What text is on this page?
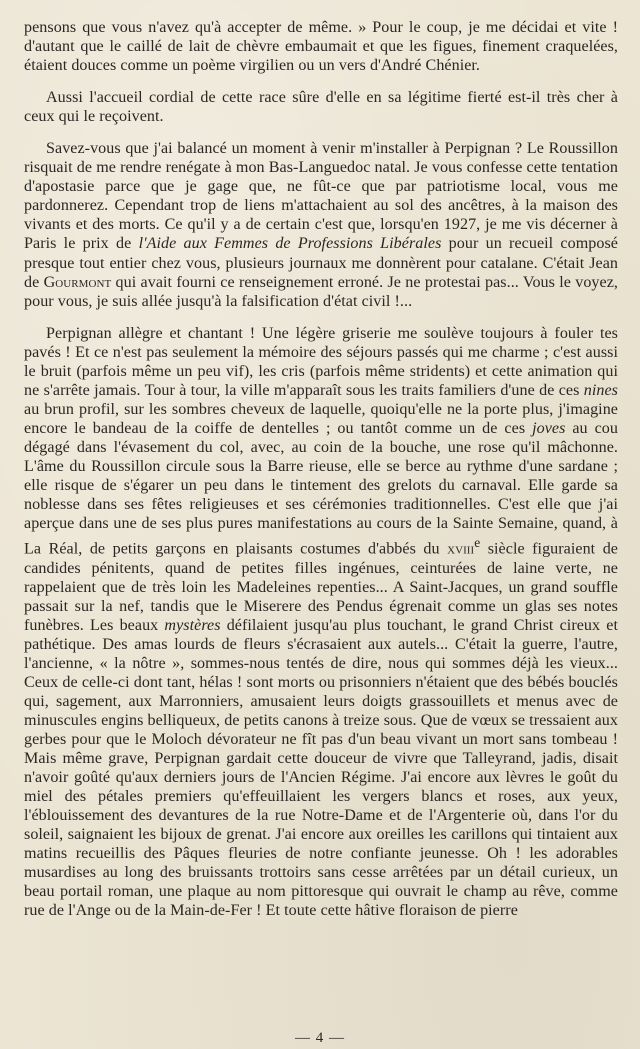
pensons que vous n'avez qu'à accepter de même. » Pour le coup, je me décidai et vite ! d'autant que le caillé de lait de chèvre embaumait et que les figues, finement craquelées, étaient douces comme un poème virgilien ou un vers d'André Chénier.

Aussi l'accueil cordial de cette race sûre d'elle en sa légitime fierté est-il très cher à ceux qui le reçoivent.

Savez-vous que j'ai balancé un moment à venir m'installer à Perpignan ? Le Roussillon risquait de me rendre renégate à mon Bas-Languedoc natal. Je vous confesse cette tentation d'apostasie parce que je gage que, ne fût-ce que par patriotisme local, vous me pardonnerez. Cependant trop de liens m'attachaient au sol des ancêtres, à la maison des vivants et des morts. Ce qu'il y a de certain c'est que, lorsqu'en 1927, je me vis décerner à Paris le prix de l'Aide aux Femmes de Professions Libérales pour un recueil composé presque tout entier chez vous, plusieurs journaux me donnèrent pour catalane. C'était Jean de Gourmont qui avait fourni ce renseignement erroné. Je ne protestai pas... Vous le voyez, pour vous, je suis allée jusqu'à la falsification d'état civil !...

Perpignan allègre et chantant ! Une légère griserie me soulève toujours à fouler tes pavés ! Et ce n'est pas seulement la mémoire des séjours passés qui me charme ; c'est aussi le bruit (parfois même un peu vif), les cris (parfois même stridents) et cette animation qui ne s'arrête jamais. Tour à tour, la ville m'apparaît sous les traits familiers d'une de ces nines au brun profil, sur les sombres cheveux de laquelle, quoiqu'elle ne la porte plus, j'imagine encore le bandeau de la coiffe de dentelles ; ou tantôt comme un de ces joves au cou dégagé dans l'évasement du col, avec, au coin de la bouche, une rose qu'il mâchonne. L'âme du Roussillon circule sous la Barre rieuse, elle se berce au rythme d'une sardane ; elle risque de s'égarer un peu dans le tintement des grelots du carnaval. Elle garde sa noblesse dans ses fêtes religieuses et ses cérémonies traditionnelles. C'est elle que j'ai aperçue dans une de ses plus pures manifestations au cours de la Sainte Semaine, quand, à La Réal, de petits garçons en plaisants costumes d'abbés du xviii$^e$ siècle figuraient de candides pénitents, quand de petites filles ingénues, ceinturées de laine verte, ne rappelaient que de très loin les Madeleines repenties... A Saint-Jacques, un grand souffle passait sur la nef, tandis que le Miserere des Pendus égrenait comme un glas ses notes funèbres. Les beaux mystères défilaient jusqu'au plus touchant, le grand Christ cireux et pathétique. Des amas lourds de fleurs s'écrasaient aux autels... C'était la guerre, l'autre, l'ancienne, « la nôtre », sommes-nous tentés de dire, nous qui sommes déjà les vieux... Ceux de celle-ci dont tant, hélas ! sont morts ou prisonniers n'étaient que des bébés bouclés qui, sagement, aux Marronniers, amusaient leurs doigts grassouillets et menus avec de minuscules engins belliqueux, de petits canons à treize sous. Que de vœux se tressaient aux gerbes pour que le Moloch dévorateur ne fît pas d'un beau vivant un mort sans tombeau ! Mais même grave, Perpignan gardait cette douceur de vivre que Talleyrand, jadis, disait n'avoir goûté qu'aux derniers jours de l'Ancien Régime. J'ai encore aux lèvres le goût du miel des pétales premiers qu'effeuillaient les vergers blancs et roses, aux yeux, l'éblouissement des devantures de la rue Notre-Dame et de l'Argenterie où, dans l'or du soleil, saignaient les bijoux de grenat. J'ai encore aux oreilles les carillons qui tintaient aux matins recueillis des Pâques fleuries de notre confiante jeunesse. Oh ! les adorables musardises au long des bruissants trottoirs sans cesse arrêtées par un détail curieux, un beau portail roman, une plaque au nom pittoresque qui ouvrait le champ au rêve, comme rue de l'Ange ou de la Main-de-Fer ! Et toute cette hâtive floraison de pierre

— 4 —
